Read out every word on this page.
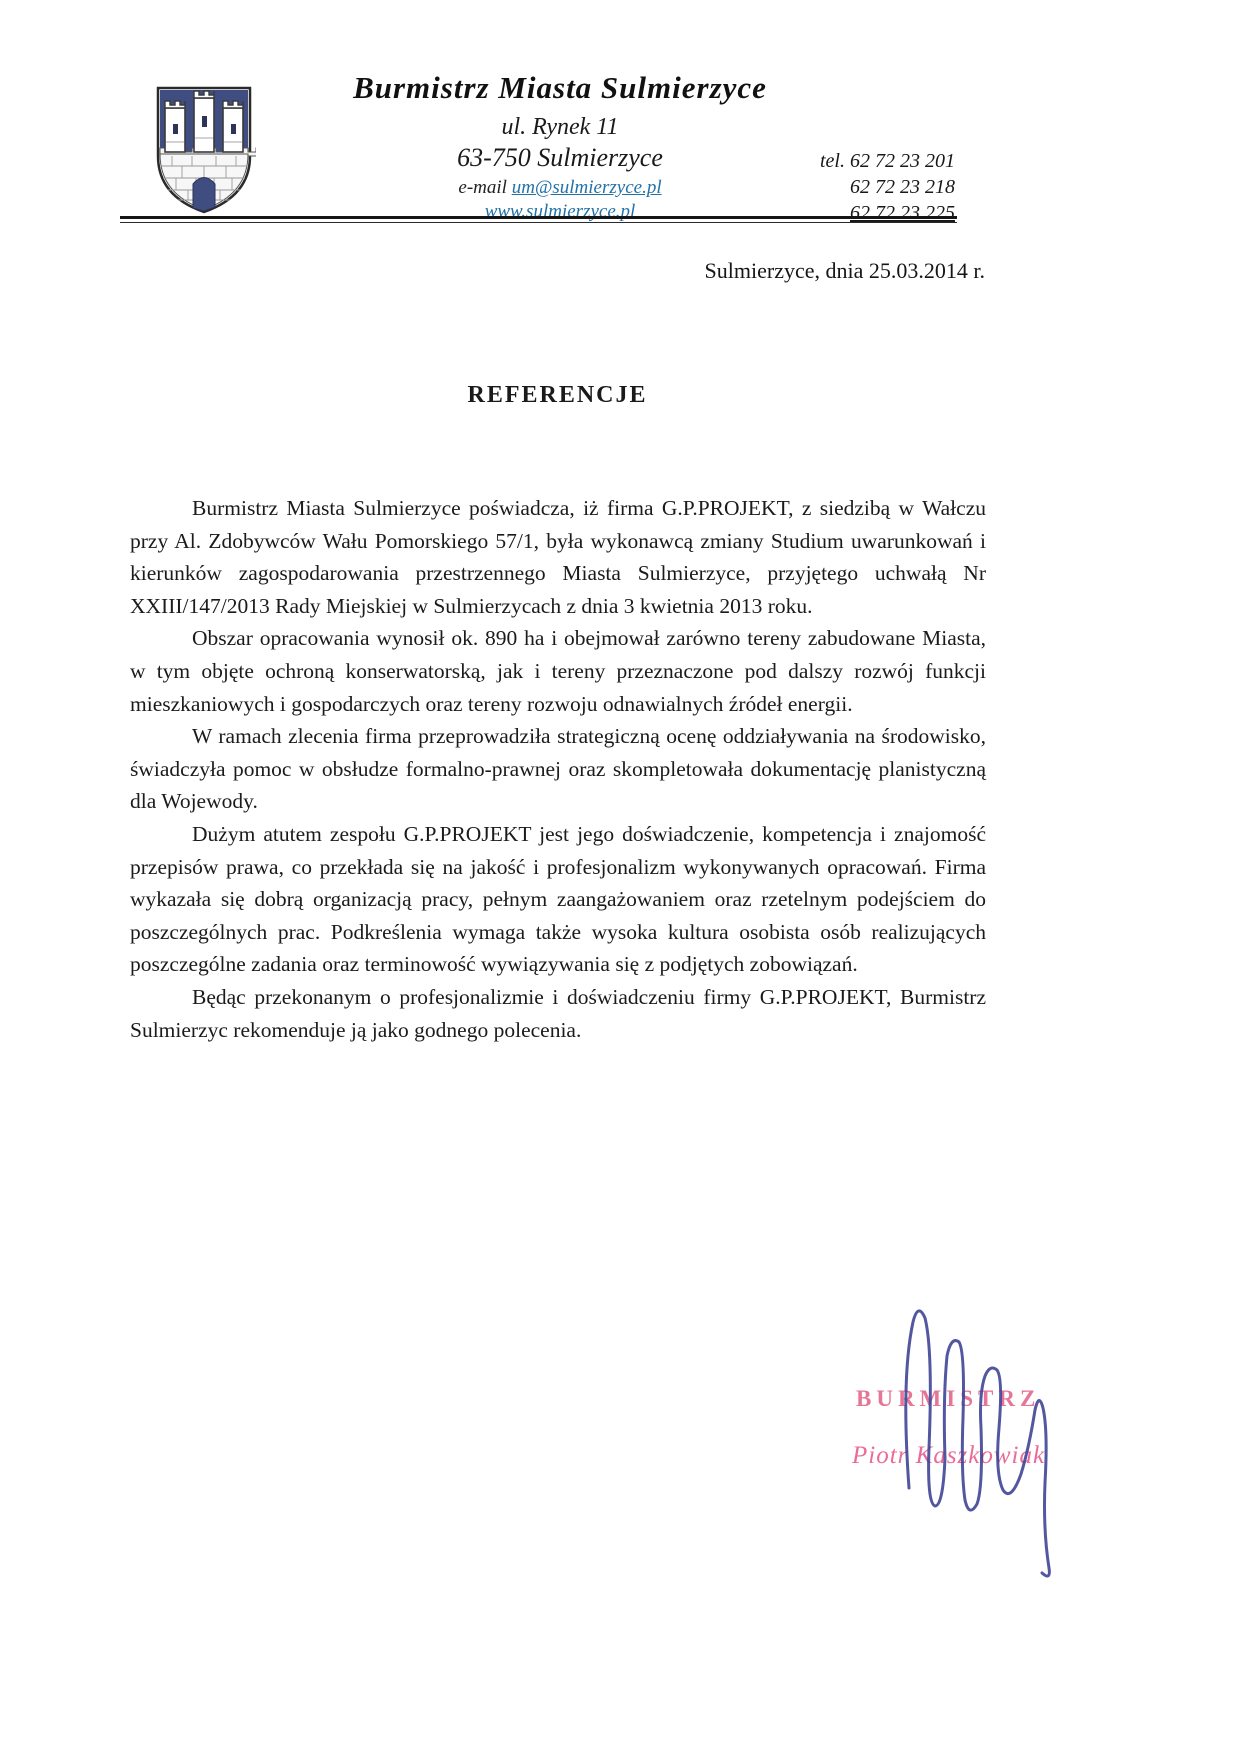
Burmistrz Miasta Sulmierzyce
ul. Rynek 11
63-750 Sulmierzyce
e-mail um@sulmierzyce.pl
www.sulmierzyce.pl
tel. 62 72 23 201
62 72 23 218
62 72 23 225
Sulmierzyce, dnia 25.03.2014 r.
REFERENCJE

Burmistrz Miasta Sulmierzyce poświadcza, iż firma G.P.PROJEKT, z siedzibą w Wałczu przy Al. Zdobywców Wału Pomorskiego 57/1, była wykonawcą zmiany Studium uwarunkowań i kierunków zagospodarowania przestrzennego Miasta Sulmierzyce, przyjętego uchwałą Nr XXIII/147/2013 Rady Miejskiej w Sulmierzycach z dnia 3 kwietnia 2013 roku.

Obszar opracowania wynosił ok. 890 ha i obejmował zarówno tereny zabudowane Miasta, w tym objęte ochroną konserwatorską, jak i tereny przeznaczone pod dalszy rozwój funkcji mieszkaniowych i gospodarczych oraz tereny rozwoju odnawialnych źródeł energii.

W ramach zlecenia firma przeprowadziła strategiczną ocenę oddziaływania na środowisko, świadczyła pomoc w obsłudze formalno-prawnej oraz skompletowała dokumentację planistyczną dla Wojewody.

Dużym atutem zespołu G.P.PROJEKT jest jego doświadczenie, kompetencja i znajomość przepisów prawa, co przekłada się na jakość i profesjonalizm wykonywanych opracowań. Firma wykazała się dobrą organizacją pracy, pełnym zaangażowaniem oraz rzetelnym podejściem do poszczególnych prac. Podkreślenia wymaga także wysoka kultura osobista osób realizujących poszczególne zadania oraz terminowość wywiązywania się z podjętych zobowiązań.

Będąc przekonanym o profesjonalizmie i doświadczeniu firmy G.P.PROJEKT, Burmistrz Sulmierzyc rekomenduje ją jako godnego polecenia.

BURMISTRZ
Piotr Kaszkowiak
